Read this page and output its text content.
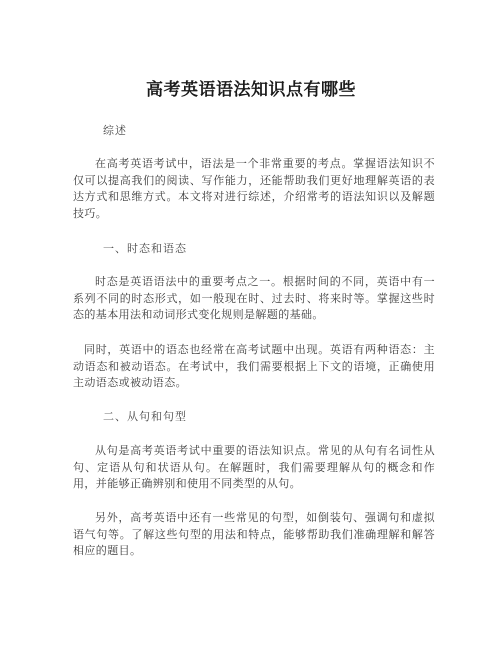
高考英语语法知识点有哪些

综述

在高考英语考试中，语法是一个非常重要的考点。掌握语法知识不仅可以提高我们的阅读、写作能力，还能帮助我们更好地理解英语的表达方式和思维方式。本文将对进行综述，介绍常考的语法知识以及解题技巧。

一、时态和语态

时态是英语语法中的重要考点之一。根据时间的不同，英语中有一系列不同的时态形式，如一般现在时、过去时、将来时等。掌握这些时态的基本用法和动词形式变化规则是解题的基础。

同时，英语中的语态也经常在高考试题中出现。英语有两种语态：主动语态和被动语态。在考试中，我们需要根据上下文的语境，正确使用主动语态或被动语态。

二、从句和句型

从句是高考英语考试中重要的语法知识点。常见的从句有名词性从句、定语从句和状语从句。在解题时，我们需要理解从句的概念和作用，并能够正确辨别和使用不同类型的从句。

另外，高考英语中还有一些常见的句型，如倒装句、强调句和虚拟语气句等。了解这些句型的用法和特点，能够帮助我们准确理解和解答相应的题目。
